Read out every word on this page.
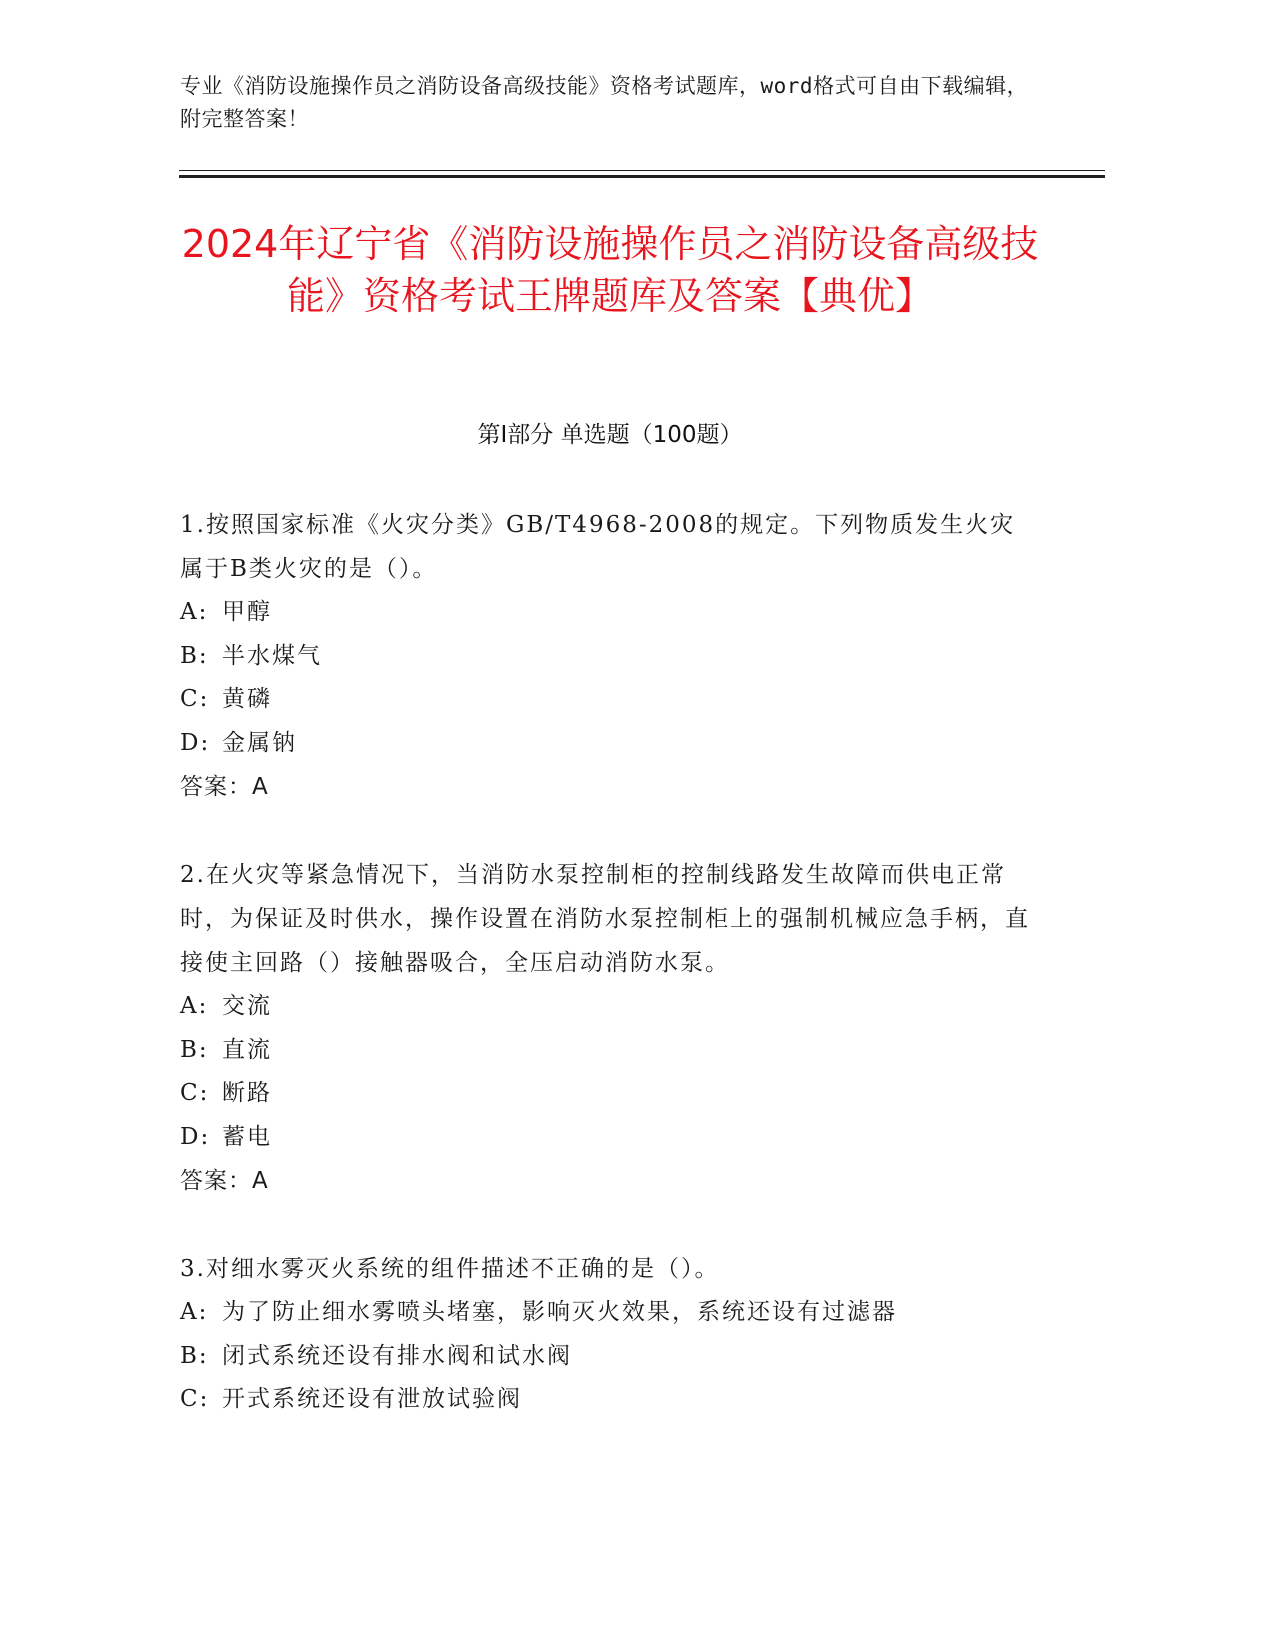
专业《消防设施操作员之消防设备高级技能》资格考试题库，word格式可自由下载编辑，附完整答案！
2024年辽宁省《消防设施操作员之消防设备高级技能》资格考试王牌题库及答案【典优】
第I部分 单选题（100题）
1.按照国家标准《火灾分类》GB/T4968-2008的规定。下列物质发生火灾属于B类火灾的是（）。
A: 甲醇
B: 半水煤气
C: 黄磷
D: 金属钠
答案：A
2.在火灾等紧急情况下，当消防水泵控制柜的控制线路发生故障而供电正常时，为保证及时供水，操作设置在消防水泵控制柜上的强制机械应急手柄，直接使主回路（）接触器吸合，全压启动消防水泵。
A: 交流
B: 直流
C: 断路
D: 蓄电
答案：A
3.对细水雾灭火系统的组件描述不正确的是（）。
A: 为了防止细水雾喷头堵塞，影响灭火效果，系统还设有过滤器
B: 闭式系统还设有排水阀和试水阀
C: 开式系统还设有泄放试验阀
